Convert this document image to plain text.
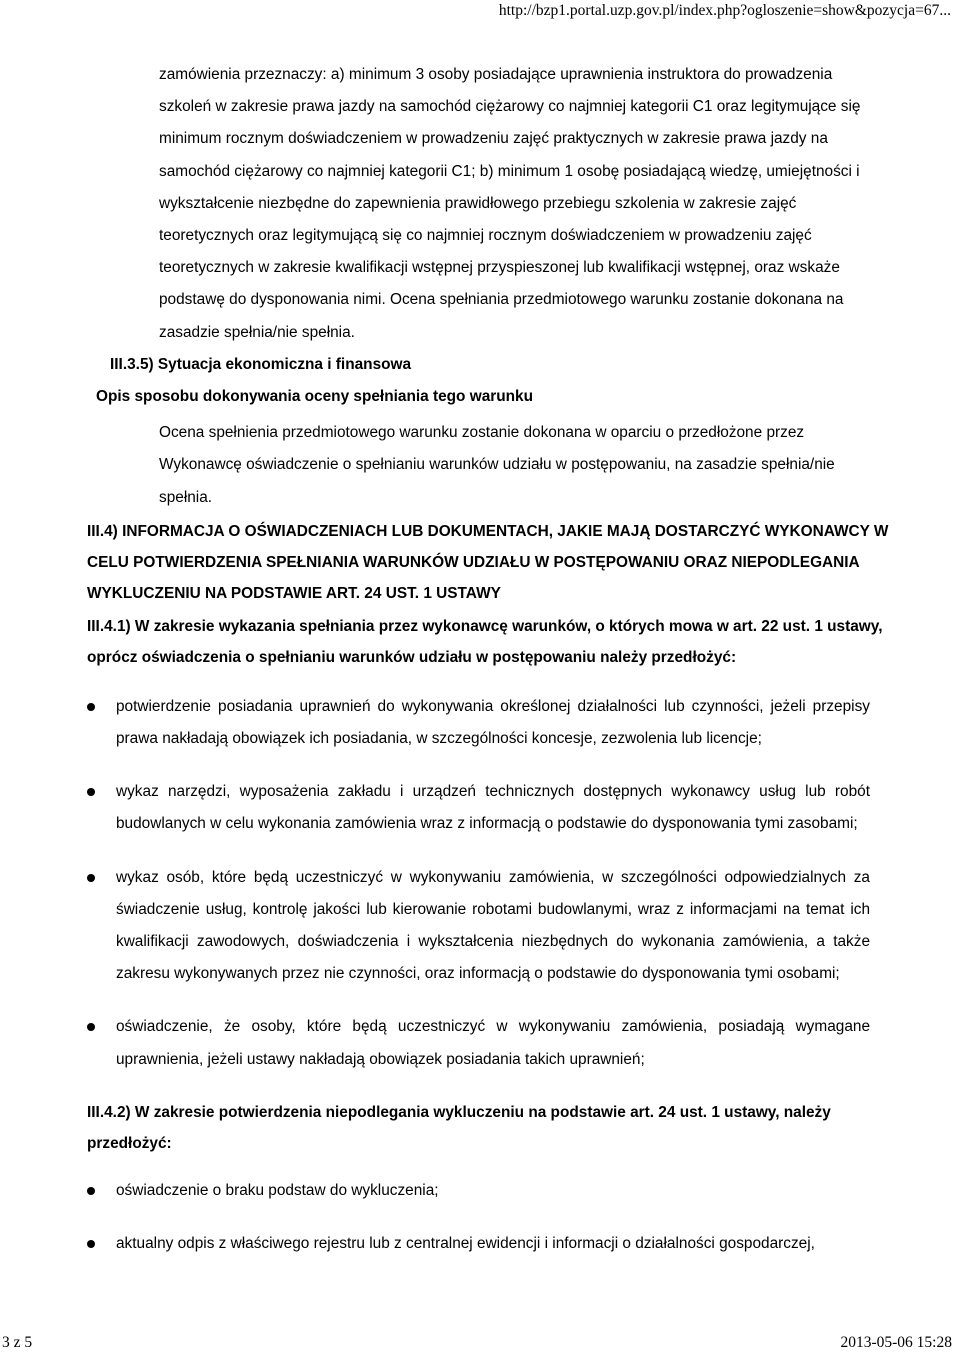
http://bzp1.portal.uzp.gov.pl/index.php?ogloszenie=show&pozycja=67...

zamówienia przeznaczy: a) minimum 3 osoby posiadające uprawnienia instruktora do prowadzenia szkoleń w zakresie prawa jazdy na samochód ciężarowy co najmniej kategorii C1 oraz legitymujące się minimum rocznym doświadczeniem w prowadzeniu zajęć praktycznych w zakresie prawa jazdy na samochód ciężarowy co najmniej kategorii C1; b) minimum 1 osobę posiadającą wiedzę, umiejętności i wykształcenie niezbędne do zapewnienia prawidłowego przebiegu szkolenia w zakresie zajęć teoretycznych oraz legitymującą się co najmniej rocznym doświadczeniem w prowadzeniu zajęć teoretycznych w zakresie kwalifikacji wstępnej przyspieszonej lub kwalifikacji wstępnej, oraz wskaże podstawę do dysponowania nimi. Ocena spełniania przedmiotowego warunku zostanie dokonana na zasadzie spełnia/nie spełnia.

III.3.5) Sytuacja ekonomiczna i finansowa
Opis sposobu dokonywania oceny spełniania tego warunku

Ocena spełnienia przedmiotowego warunku zostanie dokonana w oparciu o przedłożone przez Wykonawcę oświadczenie o spełnianiu warunków udziału w postępowaniu, na zasadzie spełnia/nie spełnia.

III.4) INFORMACJA O OŚWIADCZENIACH LUB DOKUMENTACH, JAKIE MAJĄ DOSTARCZYĆ WYKONAWCY W CELU POTWIERDZENIA SPEŁNIANIA WARUNKÓW UDZIAŁU W POSTĘPOWANIU ORAZ NIEPODLEGANIA WYKLUCZENIU NA PODSTAWIE ART. 24 UST. 1 USTAWY
III.4.1) W zakresie wykazania spełniania przez wykonawcę warunków, o których mowa w art. 22 ust. 1 ustawy, oprócz oświadczenia o spełnianiu warunków udziału w postępowaniu należy przedłożyć:
potwierdzenie posiadania uprawnień do wykonywania określonej działalności lub czynności, jeżeli przepisy prawa nakładają obowiązek ich posiadania, w szczególności koncesje, zezwolenia lub licencje;
wykaz narzędzi, wyposażenia zakładu i urządzeń technicznych dostępnych wykonawcy usług lub robót budowlanych w celu wykonania zamówienia wraz z informacją o podstawie do dysponowania tymi zasobami;
wykaz osób, które będą uczestniczyć w wykonywaniu zamówienia, w szczególności odpowiedzialnych za świadczenie usług, kontrolę jakości lub kierowanie robotami budowlanymi, wraz z informacjami na temat ich kwalifikacji zawodowych, doświadczenia i wykształcenia niezbędnych do wykonania zamówienia, a także zakresu wykonywanych przez nie czynności, oraz informacją o podstawie do dysponowania tymi osobami;
oświadczenie, że osoby, które będą uczestniczyć w wykonywaniu zamówienia, posiadają wymagane uprawnienia, jeżeli ustawy nakładają obowiązek posiadania takich uprawnień;
III.4.2) W zakresie potwierdzenia niepodlegania wykluczeniu na podstawie art. 24 ust. 1 ustawy, należy przedłożyć:
oświadczenie o braku podstaw do wykluczenia;
aktualny odpis z właściwego rejestru lub z centralnej ewidencji i informacji o działalności gospodarczej,
3 z 5	2013-05-06 15:28
